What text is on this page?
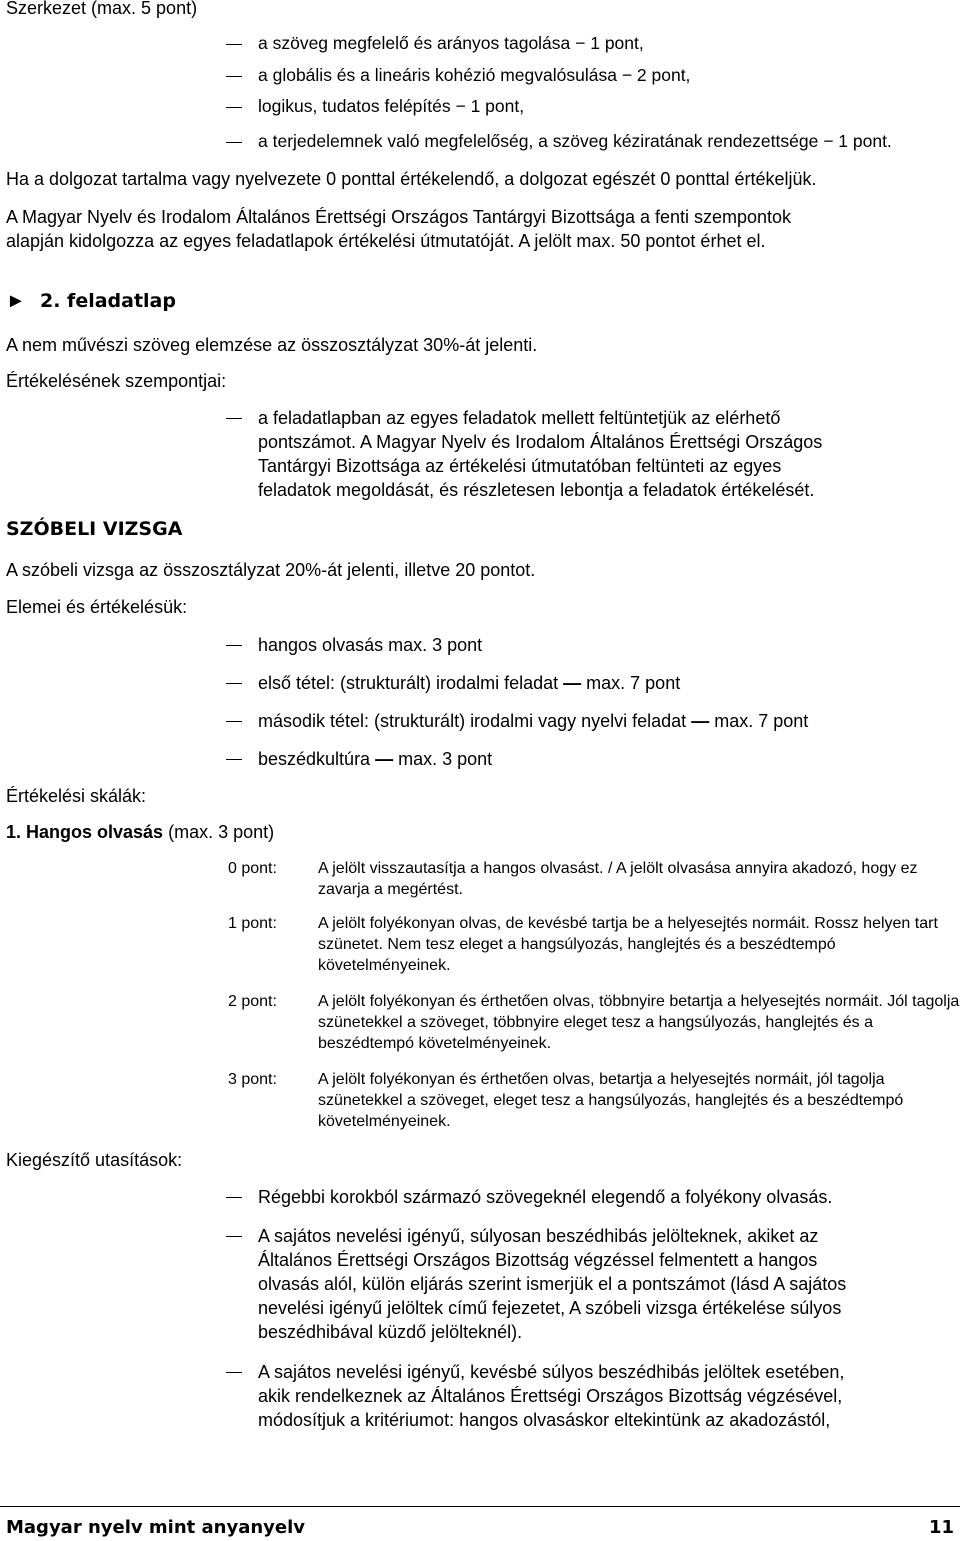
Szerkezet (max. 5 pont)
a szöveg megfelelő és arányos tagolása − 1 pont,
a globális és a lineáris kohézió megvalósulása − 2 pont,
logikus, tudatos felépítés − 1 pont,
a terjedelemnek való megfelelőség, a szöveg kéziratának rendezettsége − 1 pont.
Ha a dolgozat tartalma vagy nyelvezete 0 ponttal értékelendő, a dolgozat egészét 0 ponttal értékeljük.
A Magyar Nyelv és Irodalom Általános Érettségi Országos Tantárgyi Bizottsága a fenti szempontok
alapján kidolgozza az egyes feladatlapok értékelési útmutatóját. A jelölt max. 50 pontot érhet el.
► 2. feladatlap
A nem művészi szöveg elemzése az összosztályzat 30%-át jelenti.
Értékelésének szempontjai:
a feladatlapban az egyes feladatok mellett feltüntetjük az elérhető
pontszámot. A Magyar Nyelv és Irodalom Általános Érettségi Országos
Tantárgyi Bizottsága az értékelési útmutatóban feltünteti az egyes
feladatok megoldását, és részletesen lebontja a feladatok értékelését.
SZÓBELI VIZSGA
A szóbeli vizsga az összosztályzat 20%-át jelenti, illetve 20 pontot.
Elemei és értékelésük:
hangos olvasás max. 3 pont
első tétel: (strukturált) irodalmi feladat — max. 7 pont
második tétel: (strukturált) irodalmi vagy nyelvi feladat — max. 7 pont
beszédkultúra — max. 3 pont
Értékelési skálák:
1. Hangos olvasás (max. 3 pont)
0 pont:	A jelölt visszautasítja a hangos olvasást. / A jelölt olvasása annyira akadozó, hogy ez zavarja a megértést.
1 pont:	A jelölt folyékonyan olvas, de kevésbé tartja be a helyesejtés normáit. Rossz helyen tart szünetet. Nem tesz eleget a hangsúlyozás, hanglejtés és a beszédtempó követelményeinek.
2 pont:	A jelölt folyékonyan és érthetően olvas, többnyire betartja a helyesejtés normáit. Jól tagolja szünetekkel a szöveget, többnyire eleget tesz a hangsúlyozás, hanglejtés és a beszédtempó követelményeinek.
3 pont:	A jelölt folyékonyan és érthetően olvas, betartja a helyesejtés normáit, jól tagolja szünetekkel a szöveget, eleget tesz a hangsúlyozás, hanglejtés és a beszédtempó követelményeinek.
Kiegészítő utasítások:
Régebbi korokból származó szövegeknél elegendő a folyékony olvasás.
A sajátos nevelési igényű, súlyosan beszédhibás jelölteknek, akiket az
Általános Érettségi Országos Bizottság végzéssel felmentett a hangos
olvasás alól, külön eljárás szerint ismerjük el a pontszámot (lásd A sajátos
nevelési igényű jelöltek című fejezetet, A szóbeli vizsga értékelése súlyos
beszédhibával küzdő jelölteknél).
A sajátos nevelési igényű, kevésbé súlyos beszédhibás jelöltek esetében,
akik rendelkeznek az Általános Érettségi Országos Bizottság végzésével,
módosítjuk a kritériumot: hangos olvasáskor eltekintünk az akadozástól,
Magyar nyelv mint anyanyelv	11
